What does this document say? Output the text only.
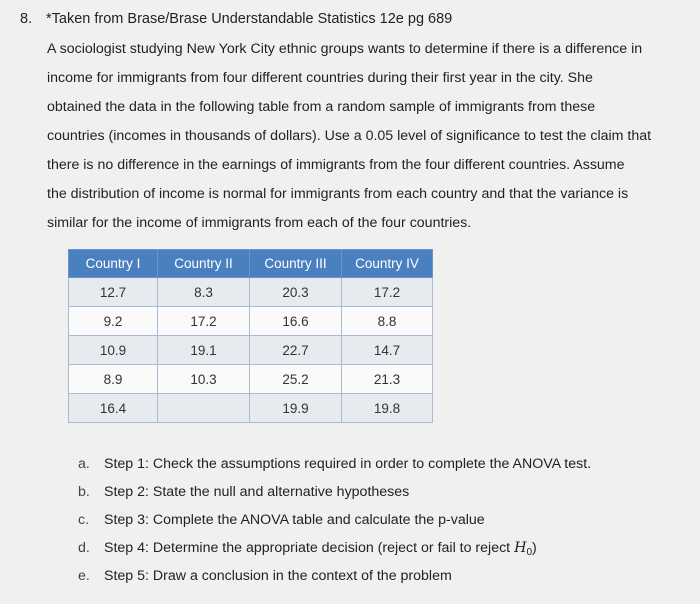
8. *Taken from Brase/Brase Understandable Statistics 12e pg 689
A sociologist studying New York City ethnic groups wants to determine if there is a difference in
income for immigrants from four different countries during their first year in the city. She
obtained the data in the following table from a random sample of immigrants from these
countries (incomes in thousands of dollars). Use a 0.05 level of significance to test the claim that
there is no difference in the earnings of immigrants from the four different countries. Assume
the distribution of income is normal for immigrants from each country and that the variance is
similar for the income of immigrants from each of the four countries.
Country I	Country II	Country III	Country IV
12.7	8.3	20.3	17.2
9.2	17.2	16.6	8.8
10.9	19.1	22.7	14.7
8.9	10.3	25.2	21.3
16.4		19.9	19.8
a. Step 1: Check the assumptions required in order to complete the ANOVA test.
b. Step 2: State the null and alternative hypotheses
c. Step 3: Complete the ANOVA table and calculate the p-value
d. Step 4: Determine the appropriate decision (reject or fail to reject $H_0$)
e. Step 5: Draw a conclusion in the context of the problem
